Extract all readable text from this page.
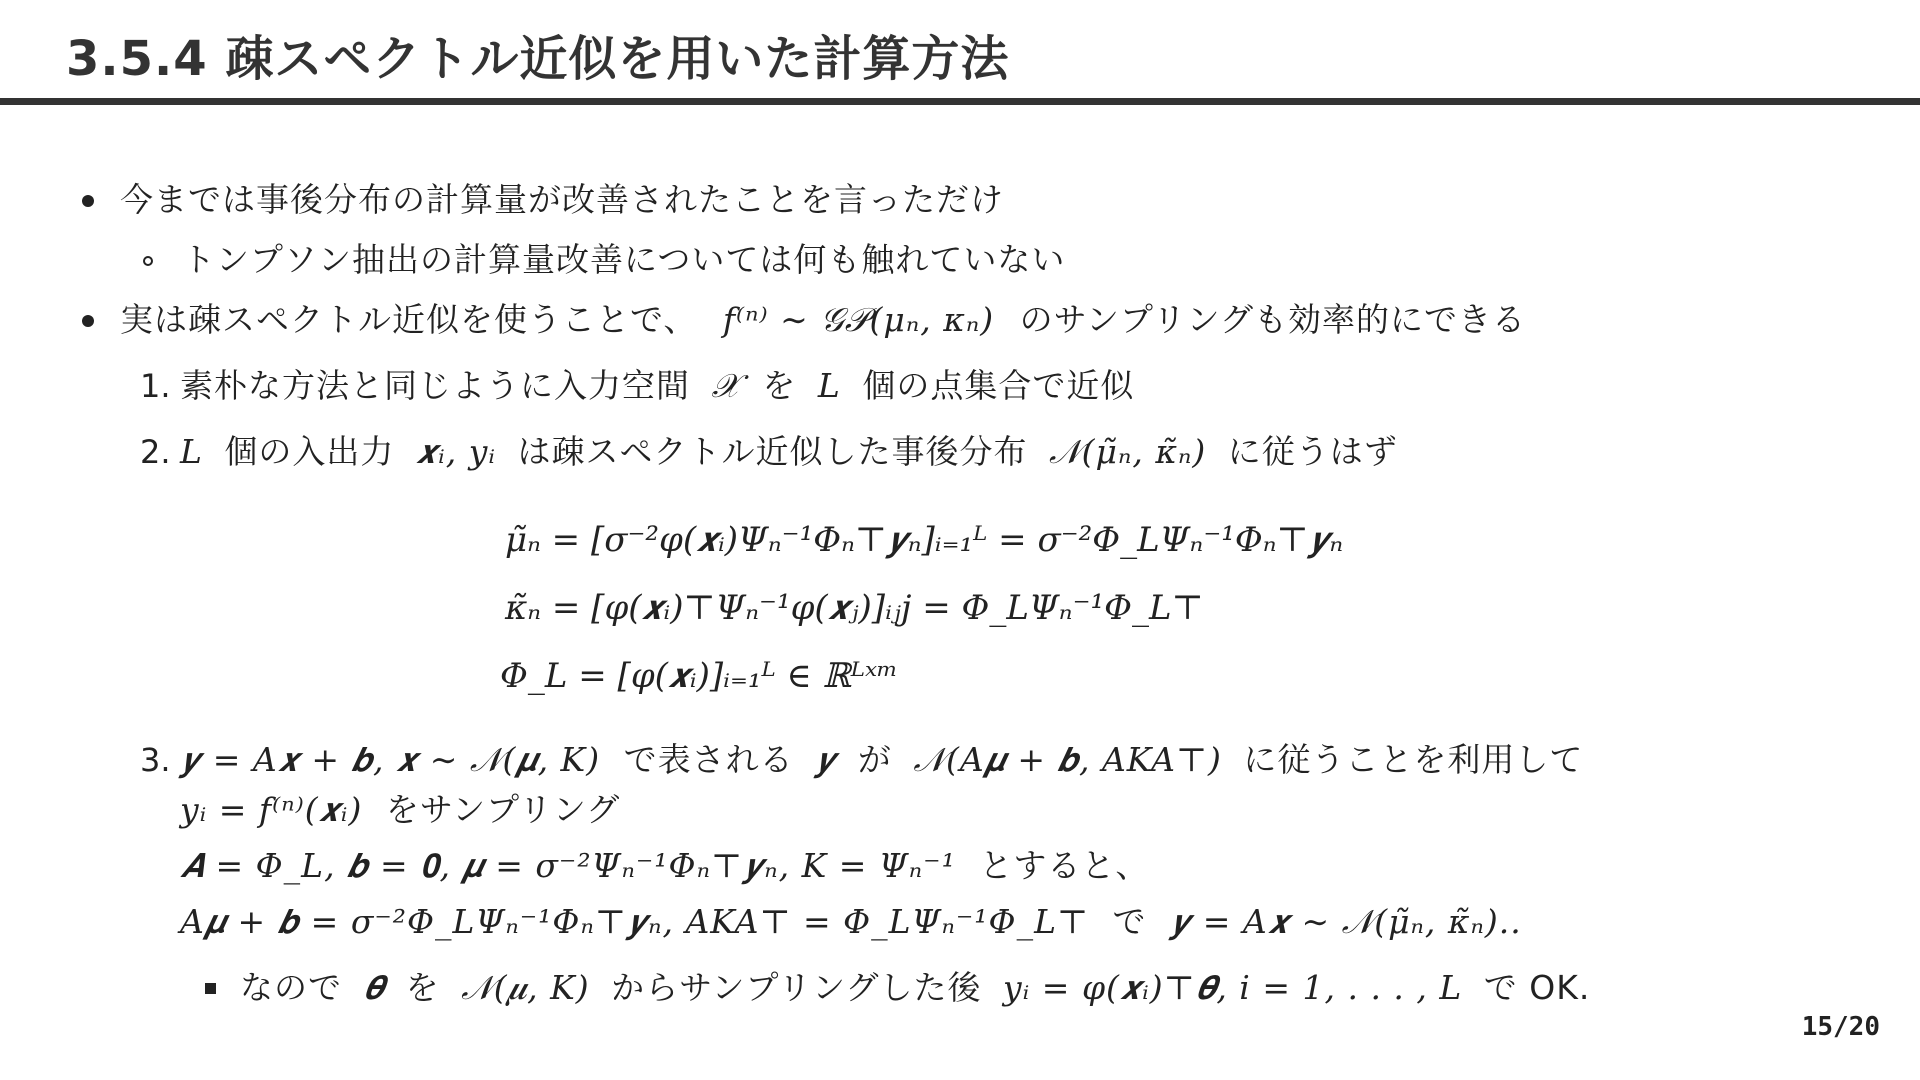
3.5.4 疎スペクトル近似を用いた計算方法
今までは事後分布の計算量が改善されたことを言っただけ
トンプソン抽出の計算量改善については何も触れていない
実は疎スペクトル近似を使うことで、 f⁽ⁿ⁾ ∼ 𝒢𝒫(μₙ, κₙ) のサンプリングも効率的にできる
1. 素朴な方法と同じように入力空間 𝒳 を L 個の点集合で近似
2. L 個の入出力 𝒙ᵢ, yᵢ は疎スペクトル近似した事後分布 𝒩(μ̃ₙ, κ̃ₙ) に従うはず
μ̃ₙ = [σ⁻²φ(𝒙ᵢ)Ψₙ⁻¹Φₙ⊤𝒚ₙ]ᵢ₌₁ᴸ = σ⁻²Φ_LΨₙ⁻¹Φₙ⊤𝒚ₙ
κ̃ₙ = [φ(𝒙ᵢ)⊤Ψₙ⁻¹φ(𝒙ⱼ)]ᵢⱼj = Φ_LΨₙ⁻¹Φ_L⊤
Φ_L = [φ(𝒙ᵢ)]ᵢ₌₁ᴸ ∈ ℝᴸˣᵐ
3. 𝒚 = A𝒙 + 𝒃, 𝒙 ∼ 𝒩(𝝁, K) で表される 𝒚 が 𝒩(A𝝁 + 𝒃, AKA⊤) に従うことを利用して
yᵢ = f⁽ⁿ⁾(𝒙ᵢ) をサンプリング
𝑨 = Φ_L, 𝒃 = 𝟎, 𝝁 = σ⁻²Ψₙ⁻¹Φₙ⊤𝒚ₙ, K = Ψₙ⁻¹ とすると、
A𝝁 + 𝒃 = σ⁻²Φ_LΨₙ⁻¹Φₙ⊤𝒚ₙ, AKA⊤ = Φ_LΨₙ⁻¹Φ_L⊤ で 𝒚 = A𝒙 ∼ 𝒩(μ̃ₙ, κ̃ₙ)..
なので 𝜽 を 𝒩(𝝁, K) からサンプリングした後 yᵢ = φ(𝒙ᵢ)⊤𝜽, i = 1, . . . , L で OK.
15/20
